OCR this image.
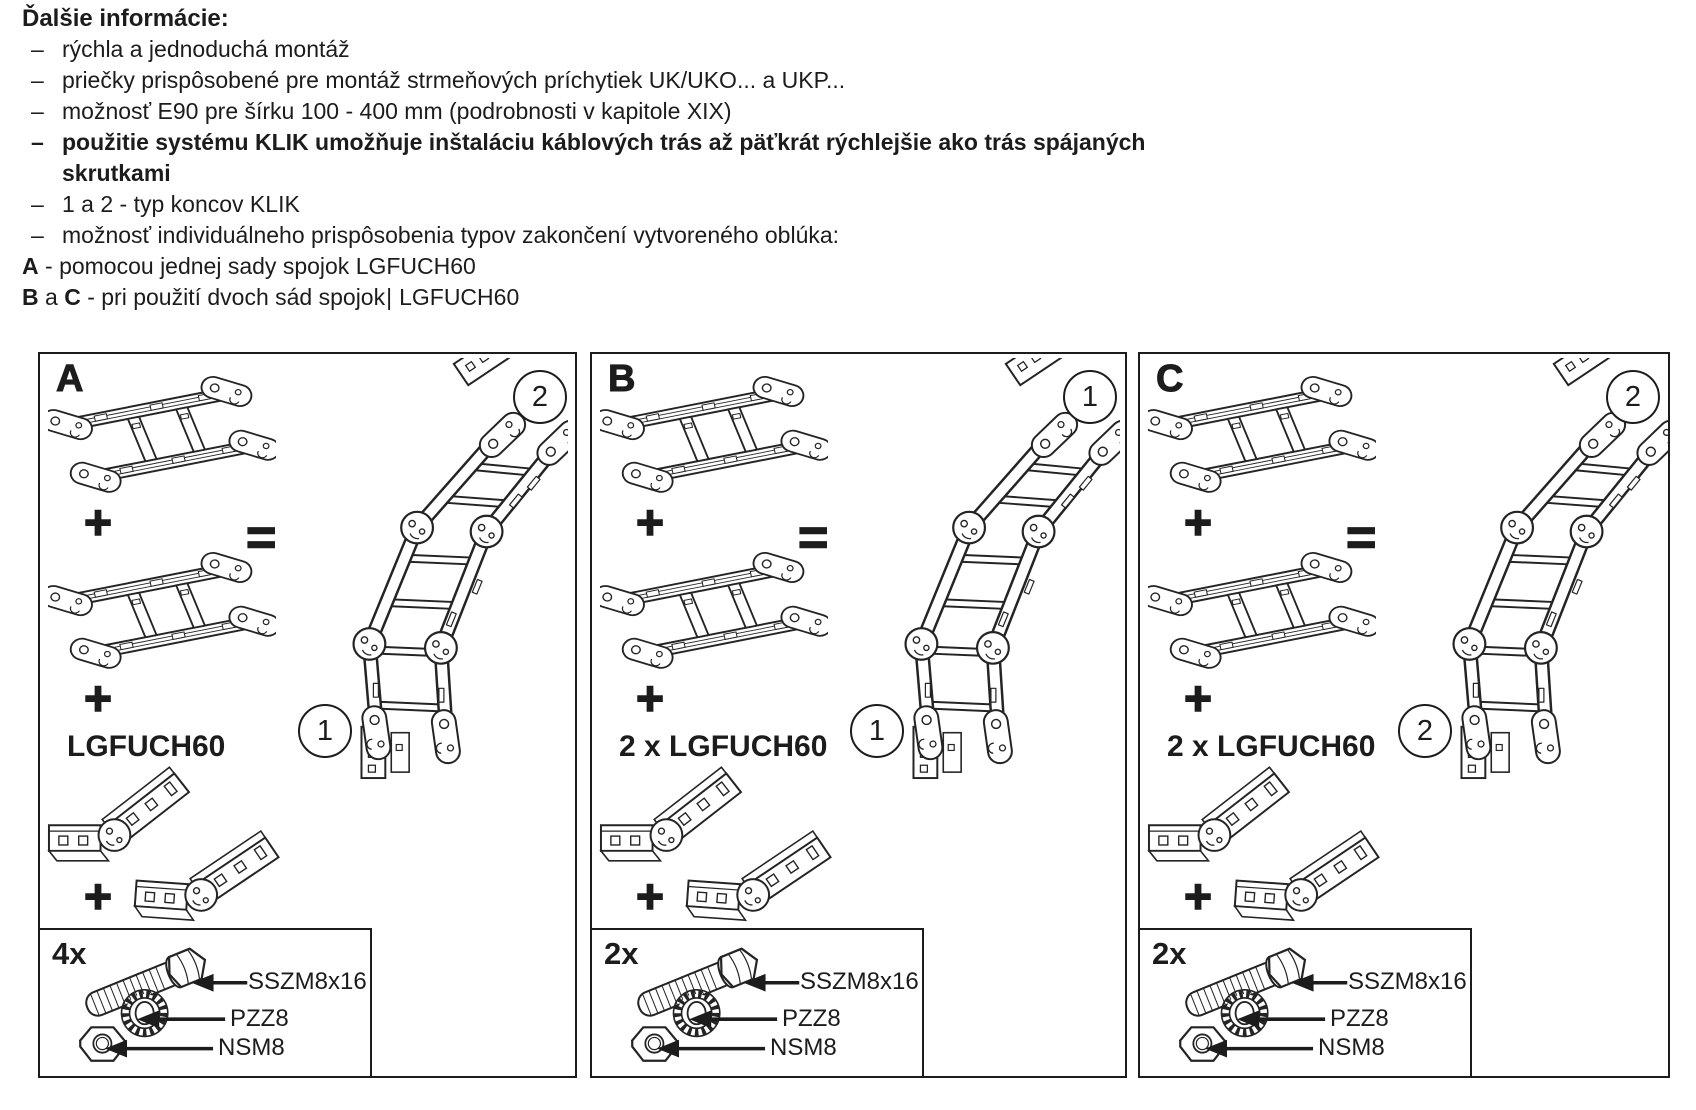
Ďalšie informácie:
– rýchla a jednoduchá montáž
– priečky prispôsobené pre montáž strmeňových príchytiek UK/UKO... a UKP...
– možnosť E90 pre šírku 100 - 400 mm (podrobnosti v kapitole XIX)
– použitie systému KLIK umožňuje inštaláciu káblových trás až päťkrát rýchlejšie ako trás spájaných
skrutkami
– 1 a 2 - typ koncov KLIK
– možnosť individuálneho prispôsobenia typov zakončení vytvoreného oblúka:
A - pomocou jednej sady spojok LGFUCH60
B a C - pri použití dvoch sád spojok| LGFUCH60
A
+
+
=
2
1
LGFUCH60
+
4x
SSZM8x16
PZZ8
NSM8
B
+
+
=
1
1
2 x LGFUCH60
+
2x
SSZM8x16
PZZ8
NSM8
C
+
+
=
2
2
2 x LGFUCH60
+
2x
SSZM8x16
PZZ8
NSM8
